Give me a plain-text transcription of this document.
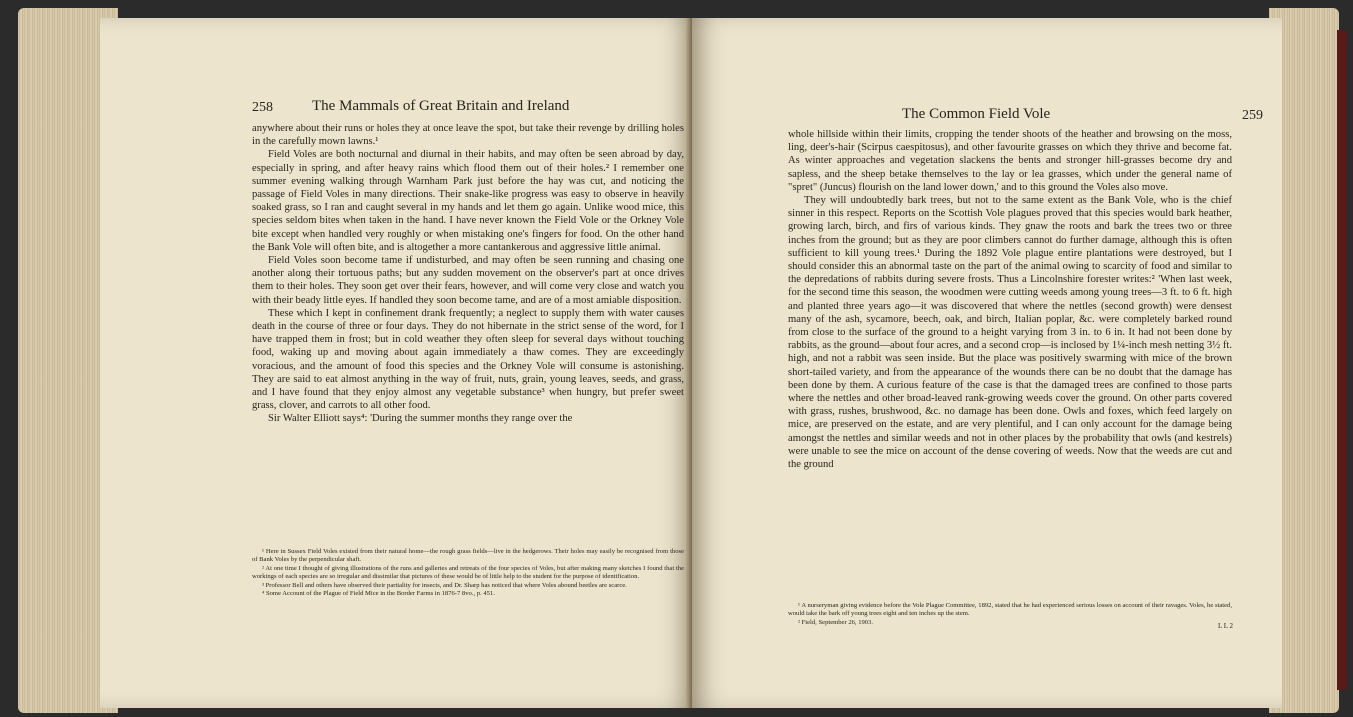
258	The Mammals of Great Britain and Ireland

anywhere about their runs or holes they at once leave the spot, but take their revenge by drilling holes in the carefully mown lawns.¹

Field Voles are both nocturnal and diurnal in their habits, and may often be seen abroad by day, especially in spring, and after heavy rains which flood them out of their holes.² I remember one summer evening walking through Warnham Park just before the hay was cut, and noticing the passage of Field Voles in many directions. Their snake-like progress was easy to observe in heavily soaked grass, so I ran and caught several in my hands and let them go again. Unlike wood mice, this species seldom bites when taken in the hand. I have never known the Field Vole or the Orkney Vole bite except when handled very roughly or when mistaking one's fingers for food. On the other hand the Bank Vole will often bite, and is altogether a more cantankerous and aggressive little animal.

Field Voles soon become tame if undisturbed, and may often be seen running and chasing one another along their tortuous paths; but any sudden movement on the observer's part at once drives them to their holes. They soon get over their fears, however, and will come very close and watch you with their beady little eyes. If handled they soon become tame, and are of a most amiable disposition.

These which I kept in confinement drank frequently; a neglect to supply them with water causes death in the course of three or four days. They do not hibernate in the strict sense of the word, for I have trapped them in frost; but in cold weather they often sleep for several days without touching food, waking up and moving about again immediately a thaw comes. They are exceedingly voracious, and the amount of food this species and the Orkney Vole will consume is astonishing. They are said to eat almost anything in the way of fruit, nuts, grain, young leaves, seeds, and grass, and I have found that they enjoy almost any vegetable substance³ when hungry, but prefer sweet grass, clover, and carrots to all other food.

Sir Walter Elliott says⁴: 'During the summer months they range over the

¹ Here in Sussex Field Voles existed from their natural home—the rough grass fields—live in the hedgerows. Their holes may easily be recognised from those of Bank Voles by the perpendicular shaft.

² At one time I thought of giving illustrations of the runs and galleries and retreats of the four species of Voles, but after making many sketches I found that the workings of each species are so irregular and dissimilar that pictures of these would be of little help to the student for the purpose of identification.

³ Professor Bell and others have observed their partiality for insects, and Dr. Sharp has noticed that where Voles abound beetles are scarce.

⁴ Some Account of the Plague of Field Mice in the Border Farms in 1876-7 8vo., p. 451.

The Common Field Vole	259

whole hillside within their limits, cropping the tender shoots of the heather and browsing on the moss, ling, deer's-hair (Scirpus caespitosus), and other favourite grasses on which they thrive and become fat. As winter approaches and vegetation slackens the bents and stronger hill-grasses become dry and sapless, and the sheep betake themselves to the lay or lea grasses, which under the general name of "spret" (Juncus) flourish on the land lower down,' and to this ground the Voles also move.

They will undoubtedly bark trees, but not to the same extent as the Bank Vole, who is the chief sinner in this respect. Reports on the Scottish Vole plagues proved that this species would bark heather, growing larch, birch, and firs of various kinds. They gnaw the roots and bark the trees two or three inches from the ground; but as they are poor climbers cannot do further damage, although this is often sufficient to kill young trees.¹ During the 1892 Vole plague entire plantations were destroyed, but I should consider this an abnormal taste on the part of the animal owing to scarcity of food and similar to the depredations of rabbits during severe frosts. Thus a Lincolnshire forester writes:² 'When last week, for the second time this season, the woodmen were cutting weeds among young trees—3 ft. to 6 ft. high and planted three years ago—it was discovered that where the nettles (second growth) were densest many of the ash, sycamore, beech, oak, and birch, Italian poplar, &c. were completely barked round from close to the surface of the ground to a height varying from 3 in. to 6 in. It had not been done by rabbits, as the ground—about four acres, and a second crop—is inclosed by 1¼-inch mesh netting 3½ ft. high, and not a rabbit was seen inside. But the place was positively swarming with mice of the brown short-tailed variety, and from the appearance of the wounds there can be no doubt that the damage has been done by them. A curious feature of the case is that the damaged trees are confined to those parts where the nettles and other broad-leaved rank-growing weeds cover the ground. On other parts covered with grass, rushes, brushwood, &c. no damage has been done. Owls and foxes, which feed largely on mice, are preserved on the estate, and are very plentiful, and I can only account for the damage being amongst the nettles and similar weeds and not in other places by the probability that owls (and kestrels) were unable to see the mice on account of the dense covering of weeds. Now that the weeds are cut and the ground

¹ A nurseryman giving evidence before the Vole Plague Committee, 1892, stated that he had experienced serious losses on account of their ravages. Voles, he stated, would take the bark off young trees eight and ten inches up the stem.

² Field, September 26, 1903.	L L 2
